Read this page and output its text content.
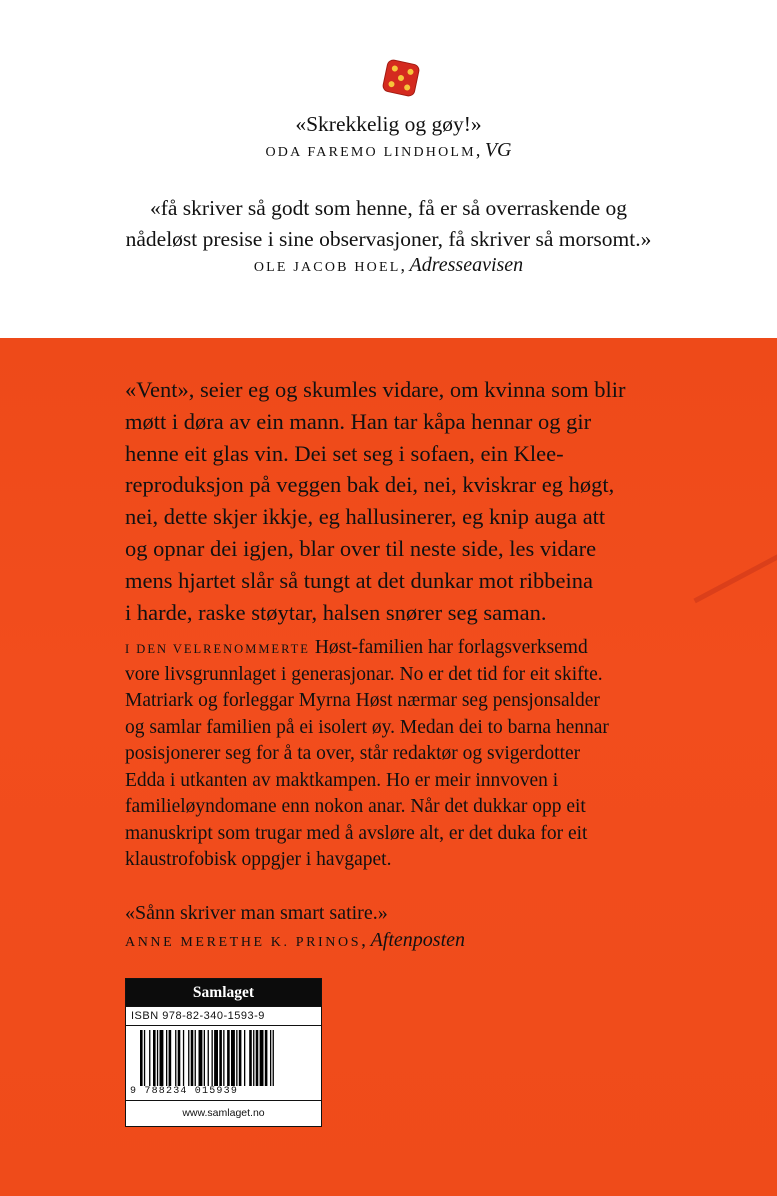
«Skrekkelig og gøy!»
ODA FAREMO LINDHOLM, VG
«få skriver så godt som henne, få er så overraskende og
nådeløst presise i sine observasjoner, få skriver så morsomt.»
OLE JACOB HOEL, Adresseavisen
«Vent», seier eg og skumles vidare, om kvinna som blir
møtt i døra av ein mann. Han tar kåpa hennar og gir
henne eit glas vin. Dei set seg i sofaen, ein Klee-
reproduksjon på veggen bak dei, nei, kviskrar eg høgt,
nei, dette skjer ikkje, eg hallusinerer, eg knip auga att
og opnar dei igjen, blar over til neste side, les vidare
mens hjartet slår så tungt at det dunkar mot ribbeina
i harde, raske støytar, halsen snører seg saman.
I DEN VELRENOMMERTE Høst-familien har forlagsverksemd
vore livsgrunnlaget i generasjonar. No er det tid for eit skifte.
Matriark og forleggar Myrna Høst nærmar seg pensjonsalder
og samlar familien på ei isolert øy. Medan dei to barna hennar
posisjonerer seg for å ta over, står redaktør og svigerdotter
Edda i utkanten av maktkampen. Ho er meir innvoven i
familieløyndomane enn nokon anar. Når det dukkar opp eit
manuskript som trugar med å avsløre alt, er det duka for eit
klaustrofobisk oppgjer i havgapet.
«Sånn skriver man smart satire.»
ANNE MERETHE K. PRINOS, Aftenposten
Samlaget
ISBN 978-82-340-1593-9
9 788234 015939
www.samlaget.no
